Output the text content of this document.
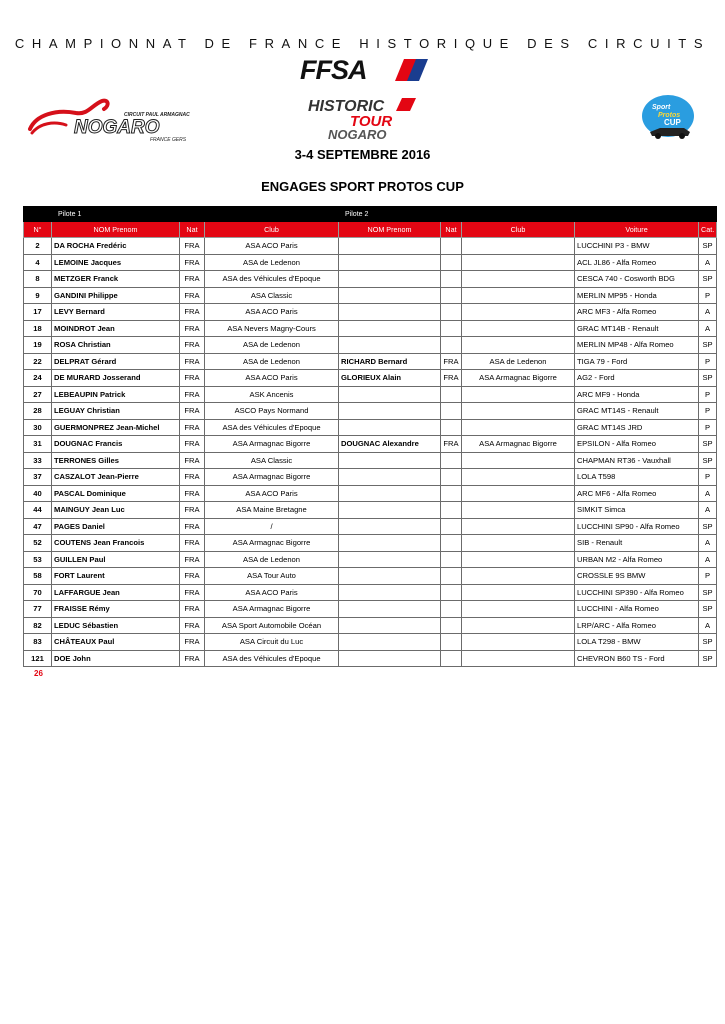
CHAMPIONNAT DE FRANCE HISTORIQUE DES CIRCUITS
FFSA
CIRCUIT PAUL ARMAGNAC
NOGARO
FRANCE GERS
HISTORIC
TOUR
NOGARO
Sport
Protos
CUP
3-4 SEPTEMBRE 2016
ENGAGES SPORT PROTOS CUP
	Pilote 1			Pilote 2				
N°	NOM Prenom	Nat	Club	NOM Prenom	Nat	Club	Voiture	Cat.
2	DA ROCHA Fredéric	FRA	ASA ACO Paris				LUCCHINI P3 - BMW	SP
4	LEMOINE Jacques	FRA	ASA de Ledenon				ACL JL86 - Alfa Romeo	A
8	METZGER Franck	FRA	ASA des Véhicules d'Epoque				CESCA 740 - Cosworth BDG	SP
9	GANDINI Philippe	FRA	ASA Classic				MERLIN MP95 - Honda	P
17	LEVY Bernard	FRA	ASA ACO Paris				ARC MF3 - Alfa Romeo	A
18	MOINDROT Jean	FRA	ASA Nevers Magny-Cours				GRAC MT14B - Renault	A
19	ROSA Christian	FRA	ASA de Ledenon				MERLIN MP48 - Alfa Romeo	SP
22	DELPRAT Gérard	FRA	ASA de Ledenon	RICHARD Bernard	FRA	ASA de Ledenon	TIGA 79 - Ford	P
24	DE MURARD Josserand	FRA	ASA ACO Paris	GLORIEUX Alain	FRA	ASA Armagnac Bigorre	AG2 - Ford	SP
27	LEBEAUPIN Patrick	FRA	ASK Ancenis				ARC MF9 - Honda	P
28	LEGUAY Christian	FRA	ASCO Pays Normand				GRAC MT14S - Renault	P
30	GUERMONPREZ Jean-Michel	FRA	ASA des Véhicules d'Epoque				GRAC MT14S JRD	P
31	DOUGNAC Francis	FRA	ASA Armagnac Bigorre	DOUGNAC Alexandre	FRA	ASA Armagnac Bigorre	EPSILON - Alfa Romeo	SP
33	TERRONES Gilles	FRA	ASA Classic				CHAPMAN RT36 - Vauxhall	SP
37	CASZALOT Jean-Pierre	FRA	ASA Armagnac Bigorre				LOLA T598	P
40	PASCAL Dominique	FRA	ASA ACO Paris				ARC MF6 - Alfa Romeo	A
44	MAINGUY Jean Luc	FRA	ASA Maine Bretagne				SIMKIT Simca	A
47	PAGES Daniel	FRA	/				LUCCHINI SP90 - Alfa Romeo	SP
52	COUTENS Jean Francois	FRA	ASA Armagnac Bigorre				SIB - Renault	A
53	GUILLEN Paul	FRA	ASA de Ledenon				URBAN M2 - Alfa Romeo	A
58	FORT Laurent	FRA	ASA Tour Auto				CROSSLE 9S BMW	P
70	LAFFARGUE Jean	FRA	ASA ACO Paris				LUCCHINI SP390 - Alfa Romeo	SP
77	FRAISSE Rémy	FRA	ASA Armagnac Bigorre				LUCCHINI - Alfa Romeo	SP
82	LEDUC Sébastien	FRA	ASA Sport Automobile Océan				LRP/ARC - Alfa Romeo	A
83	CHÂTEAUX Paul	FRA	ASA Circuit du Luc				LOLA T298 - BMW	SP
121	DOE John	FRA	ASA des Véhicules d'Epoque				CHEVRON B60 TS - Ford	SP
26
